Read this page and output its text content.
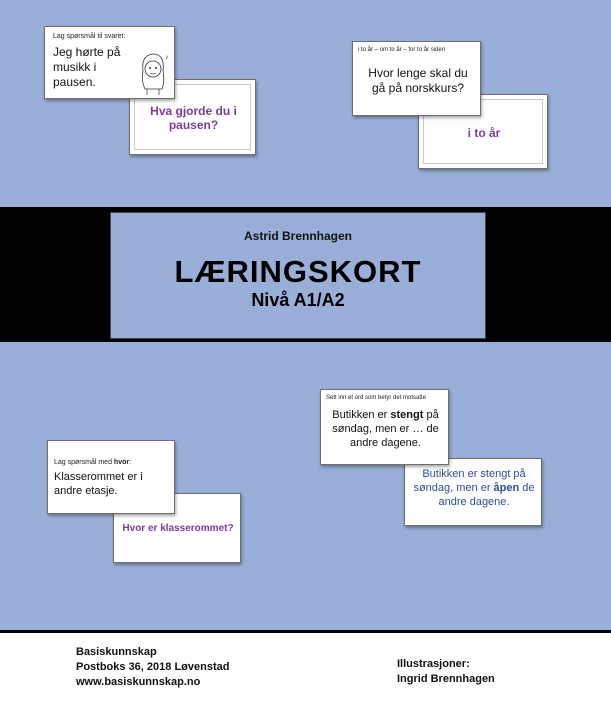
Hva gjorde du i pausen?
Lag spørsmål til svaret:
Jeg hørte på musikk i pausen.
♪
i to år
i to år – om to år – for to år siden
Hvor lenge skal du gå på norskkurs?
Astrid Brennhagen
LÆRINGSKORT
Nivå A1/A2
Butikken er stengt på søndag, men er åpen de andre dagene.
Sett inn et ord som betyr det motsatte
Butikken er stengt på søndag, men er … de andre dagene.
Hvor er klasserommet?
Lag spørsmål med hvor:
Klasserommet er i andre etasje.
Basiskunnskap
Postboks 36, 2018 Løvenstad
www.basiskunnskap.no
Illustrasjoner:
Ingrid Brennhagen
